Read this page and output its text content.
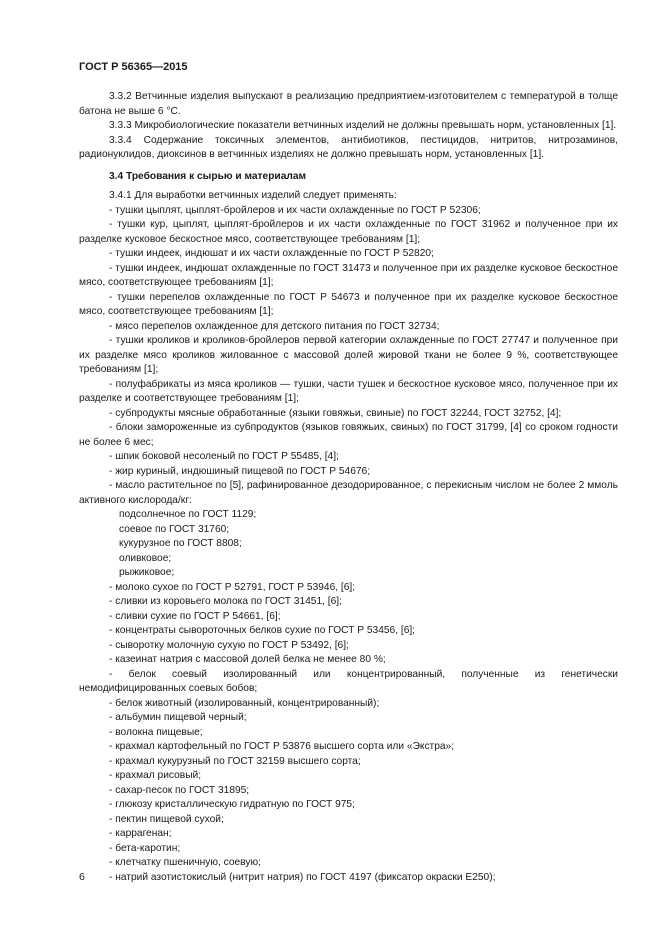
ГОСТ Р 56365—2015

3.3.2 Ветчинные изделия выпускают в реализацию предприятием-изготовителем с температурой в толще батона не выше 6 °С.

3.3.3 Микробиологические показатели ветчинных изделий не должны превышать норм, установленных [1].

3.3.4 Содержание токсичных элементов, антибиотиков, пестицидов, нитритов, нитрозаминов, радионуклидов, диоксинов в ветчинных изделиях не должно превышать норм, установленных [1].

3.4 Требования к сырью и материалам

3.4.1 Для выработки ветчинных изделий следует применять:

- тушки цыплят, цыплят-бройлеров и их части охлажденные по ГОСТ Р 52306;

- тушки кур, цыплят, цыплят-бройлеров и их части охлажденные по ГОСТ 31962 и полученное при их разделке кусковое бескостное мясо, соответствующее требованиям [1];

- тушки индеек, индюшат и их части охлажденные по ГОСТ Р 52820;

- тушки индеек, индюшат охлажденные по ГОСТ 31473 и полученное при их разделке кусковое бескостное мясо, соответствующее требованиям [1];

- тушки перепелов охлажденные по ГОСТ Р 54673 и полученное при их разделке кусковое бескостное мясо, соответствующее требованиям [1];

- мясо перепелов охлажденное для детского питания по ГОСТ 32734;

- тушки кроликов и кроликов-бройлеров первой категории охлажденные по ГОСТ 27747 и полученное при их разделке мясо кроликов жилованное с массовой долей жировой ткани не более 9 %, соответствующее требованиям [1];

- полуфабрикаты из мяса кроликов — тушки, части тушек и бескостное кусковое мясо, полученное при их разделке и соответствующее требованиям [1];

- субпродукты мясные обработанные (языки говяжьи, свиные) по ГОСТ 32244, ГОСТ 32752, [4];

- блоки замороженные из субпродуктов (языков говяжьих, свиных) по ГОСТ 31799, [4] со сроком годности не более 6 мес;

- шпик боковой несоленый по ГОСТ Р 55485, [4];

- жир куриный, индюшиный пищевой по ГОСТ Р 54676;

- масло растительное по [5], рафинированное дезодорированное, с перекисным числом не более 2 ммоль активного кислорода/кг:

подсолнечное по ГОСТ 1129;

соевое по ГОСТ 31760;

кукурузное по ГОСТ 8808;

оливковое;

рыжиковое;

- молоко сухое по ГОСТ Р 52791, ГОСТ Р 53946, [6];

- сливки из коровьего молока по ГОСТ 31451, [6];

- сливки сухие по ГОСТ Р 54661, [6];

- концентраты сывороточных белков сухие по ГОСТ Р 53456, [6];

- сыворотку молочную сухую по ГОСТ Р 53492, [6];

- казеинат натрия с массовой долей белка не менее 80 %;

- белок соевый изолированный или концентрированный, полученные из генетически немодифицированных соевых бобов;

- белок животный (изолированный, концентрированный);

- альбумин пищевой черный;

- волокна пищевые;

- крахмал картофельный по ГОСТ Р 53876 высшего сорта или «Экстра»;

- крахмал кукурузный по ГОСТ 32159 высшего сорта;

- крахмал рисовый;

- сахар-песок по ГОСТ 31895;

- глюкозу кристаллическую гидратную по ГОСТ 975;

- пектин пищевой сухой;

- каррагенан;

- бета-каротин;

- клетчатку пшеничную, соевую;

- натрий азотистокислый (нитрит натрия) по ГОСТ 4197 (фиксатор окраски Е250);

6
